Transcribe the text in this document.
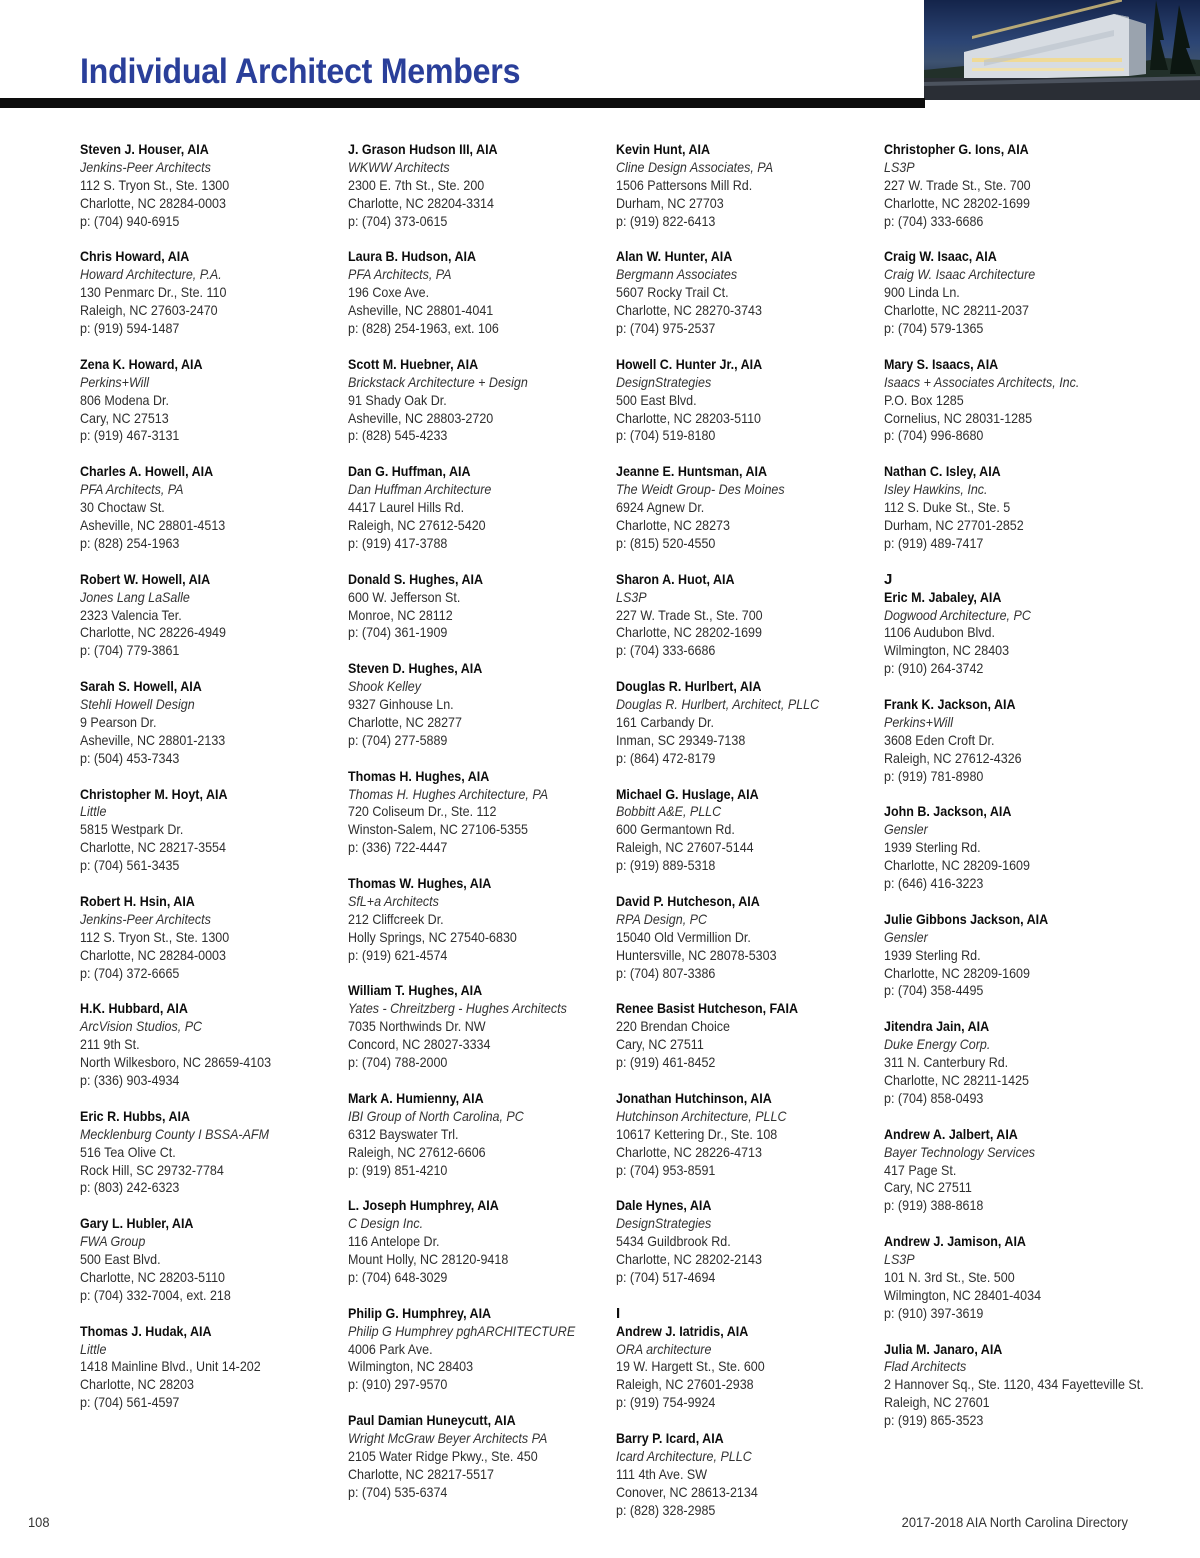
Individual Architect Members
Steven J. Houser, AIA
Jenkins-Peer Architects
112 S. Tryon St., Ste. 1300
Charlotte, NC 28284-0003
p: (704) 940-6915
Chris Howard, AIA
Howard Architecture, P.A.
130 Penmarc Dr., Ste. 110
Raleigh, NC 27603-2470
p: (919) 594-1487
Zena K. Howard, AIA
Perkins+Will
806 Modena Dr.
Cary, NC 27513
p: (919) 467-3131
Charles A. Howell, AIA
PFA Architects, PA
30 Choctaw St.
Asheville, NC 28801-4513
p: (828) 254-1963
Robert W. Howell, AIA
Jones Lang LaSalle
2323 Valencia Ter.
Charlotte, NC 28226-4949
p: (704) 779-3861
Sarah S. Howell, AIA
Stehli Howell Design
9 Pearson Dr.
Asheville, NC 28801-2133
p: (504) 453-7343
Christopher M. Hoyt, AIA
Little
5815 Westpark Dr.
Charlotte, NC 28217-3554
p: (704) 561-3435
Robert H. Hsin, AIA
Jenkins-Peer Architects
112 S. Tryon St., Ste. 1300
Charlotte, NC 28284-0003
p: (704) 372-6665
H.K. Hubbard, AIA
ArcVision Studios, PC
211 9th St.
North Wilkesboro, NC 28659-4103
p: (336) 903-4934
Eric R. Hubbs, AIA
Mecklenburg County I BSSA-AFM
516 Tea Olive Ct.
Rock Hill, SC 29732-7784
p: (803) 242-6323
Gary L. Hubler, AIA
FWA Group
500 East Blvd.
Charlotte, NC 28203-5110
p: (704) 332-7004, ext. 218
Thomas J. Hudak, AIA
Little
1418 Mainline Blvd., Unit 14-202
Charlotte, NC 28203
p: (704) 561-4597
J. Grason Hudson III, AIA
WKWW Architects
2300 E. 7th St., Ste. 200
Charlotte, NC 28204-3314
p: (704) 373-0615
Laura B. Hudson, AIA
PFA Architects, PA
196 Coxe Ave.
Asheville, NC 28801-4041
p: (828) 254-1963, ext. 106
Scott M. Huebner, AIA
Brickstack Architecture + Design
91 Shady Oak Dr.
Asheville, NC 28803-2720
p: (828) 545-4233
Dan G. Huffman, AIA
Dan Huffman Architecture
4417 Laurel Hills Rd.
Raleigh, NC 27612-5420
p: (919) 417-3788
Donald S. Hughes, AIA
600 W. Jefferson St.
Monroe, NC 28112
p: (704) 361-1909
Steven D. Hughes, AIA
Shook Kelley
9327 Ginhouse Ln.
Charlotte, NC 28277
p: (704) 277-5889
Thomas H. Hughes, AIA
Thomas H. Hughes Architecture, PA
720 Coliseum Dr., Ste. 112
Winston-Salem, NC 27106-5355
p: (336) 722-4447
Thomas W. Hughes, AIA
SfL+a Architects
212 Cliffcreek Dr.
Holly Springs, NC 27540-6830
p: (919) 621-4574
William T. Hughes, AIA
Yates - Chreitzberg - Hughes Architects
7035 Northwinds Dr. NW
Concord, NC 28027-3334
p: (704) 788-2000
Mark A. Humienny, AIA
IBI Group of North Carolina, PC
6312 Bayswater Trl.
Raleigh, NC 27612-6606
p: (919) 851-4210
L. Joseph Humphrey, AIA
C Design Inc.
116 Antelope Dr.
Mount Holly, NC 28120-9418
p: (704) 648-3029
Philip G. Humphrey, AIA
Philip G Humphrey pghARCHITECTURE
4006 Park Ave.
Wilmington, NC 28403
p: (910) 297-9570
Paul Damian Huneycutt, AIA
Wright McGraw Beyer Architects PA
2105 Water Ridge Pkwy., Ste. 450
Charlotte, NC 28217-5517
p: (704) 535-6374
Kevin Hunt, AIA
Cline Design Associates, PA
1506 Pattersons Mill Rd.
Durham, NC 27703
p: (919) 822-6413
Alan W. Hunter, AIA
Bergmann Associates
5607 Rocky Trail Ct.
Charlotte, NC 28270-3743
p: (704) 975-2537
Howell C. Hunter Jr., AIA
DesignStrategies
500 East Blvd.
Charlotte, NC 28203-5110
p: (704) 519-8180
Jeanne E. Huntsman, AIA
The Weidt Group- Des Moines
6924 Agnew Dr.
Charlotte, NC 28273
p: (815) 520-4550
Sharon A. Huot, AIA
LS3P
227 W. Trade St., Ste. 700
Charlotte, NC 28202-1699
p: (704) 333-6686
Douglas R. Hurlbert, AIA
Douglas R. Hurlbert, Architect, PLLC
161 Carbandy Dr.
Inman, SC 29349-7138
p: (864) 472-8179
Michael G. Huslage, AIA
Bobbitt A&E, PLLC
600 Germantown Rd.
Raleigh, NC 27607-5144
p: (919) 889-5318
David P. Hutcheson, AIA
RPA Design, PC
15040 Old Vermillion Dr.
Huntersville, NC 28078-5303
p: (704) 807-3386
Renee Basist Hutcheson, FAIA
220 Brendan Choice
Cary, NC 27511
p: (919) 461-8452
Jonathan Hutchinson, AIA
Hutchinson Architecture, PLLC
10617 Kettering Dr., Ste. 108
Charlotte, NC 28226-4713
p: (704) 953-8591
Dale Hynes, AIA
DesignStrategies
5434 Guildbrook Rd.
Charlotte, NC 28202-2143
p: (704) 517-4694
I
Andrew J. Iatridis, AIA
ORA architecture
19 W. Hargett St., Ste. 600
Raleigh, NC 27601-2938
p: (919) 754-9924
Barry P. Icard, AIA
Icard Architecture, PLLC
111 4th Ave. SW
Conover, NC 28613-2134
p: (828) 328-2985
Christopher G. Ions, AIA
LS3P
227 W. Trade St., Ste. 700
Charlotte, NC 28202-1699
p: (704) 333-6686
Craig W. Isaac, AIA
Craig W. Isaac Architecture
900 Linda Ln.
Charlotte, NC 28211-2037
p: (704) 579-1365
Mary S. Isaacs, AIA
Isaacs + Associates Architects, Inc.
P.O. Box 1285
Cornelius, NC 28031-1285
p: (704) 996-8680
Nathan C. Isley, AIA
Isley Hawkins, Inc.
112 S. Duke St., Ste. 5
Durham, NC 27701-2852
p: (919) 489-7417
J
Eric M. Jabaley, AIA
Dogwood Architecture, PC
1106 Audubon Blvd.
Wilmington, NC 28403
p: (910) 264-3742
Frank K. Jackson, AIA
Perkins+Will
3608 Eden Croft Dr.
Raleigh, NC 27612-4326
p: (919) 781-8980
John B. Jackson, AIA
Gensler
1939 Sterling Rd.
Charlotte, NC 28209-1609
p: (646) 416-3223
Julie Gibbons Jackson, AIA
Gensler
1939 Sterling Rd.
Charlotte, NC 28209-1609
p: (704) 358-4495
Jitendra Jain, AIA
Duke Energy Corp.
311 N. Canterbury Rd.
Charlotte, NC 28211-1425
p: (704) 858-0493
Andrew A. Jalbert, AIA
Bayer Technology Services
417 Page St.
Cary, NC 27511
p: (919) 388-8618
Andrew J. Jamison, AIA
LS3P
101 N. 3rd St., Ste. 500
Wilmington, NC 28401-4034
p: (910) 397-3619
Julia M. Janaro, AIA
Flad Architects
2 Hannover Sq., Ste. 1120, 434 Fayetteville St.
Raleigh, NC 27601
p: (919) 865-3523
108	2017-2018 AIA North Carolina Directory
